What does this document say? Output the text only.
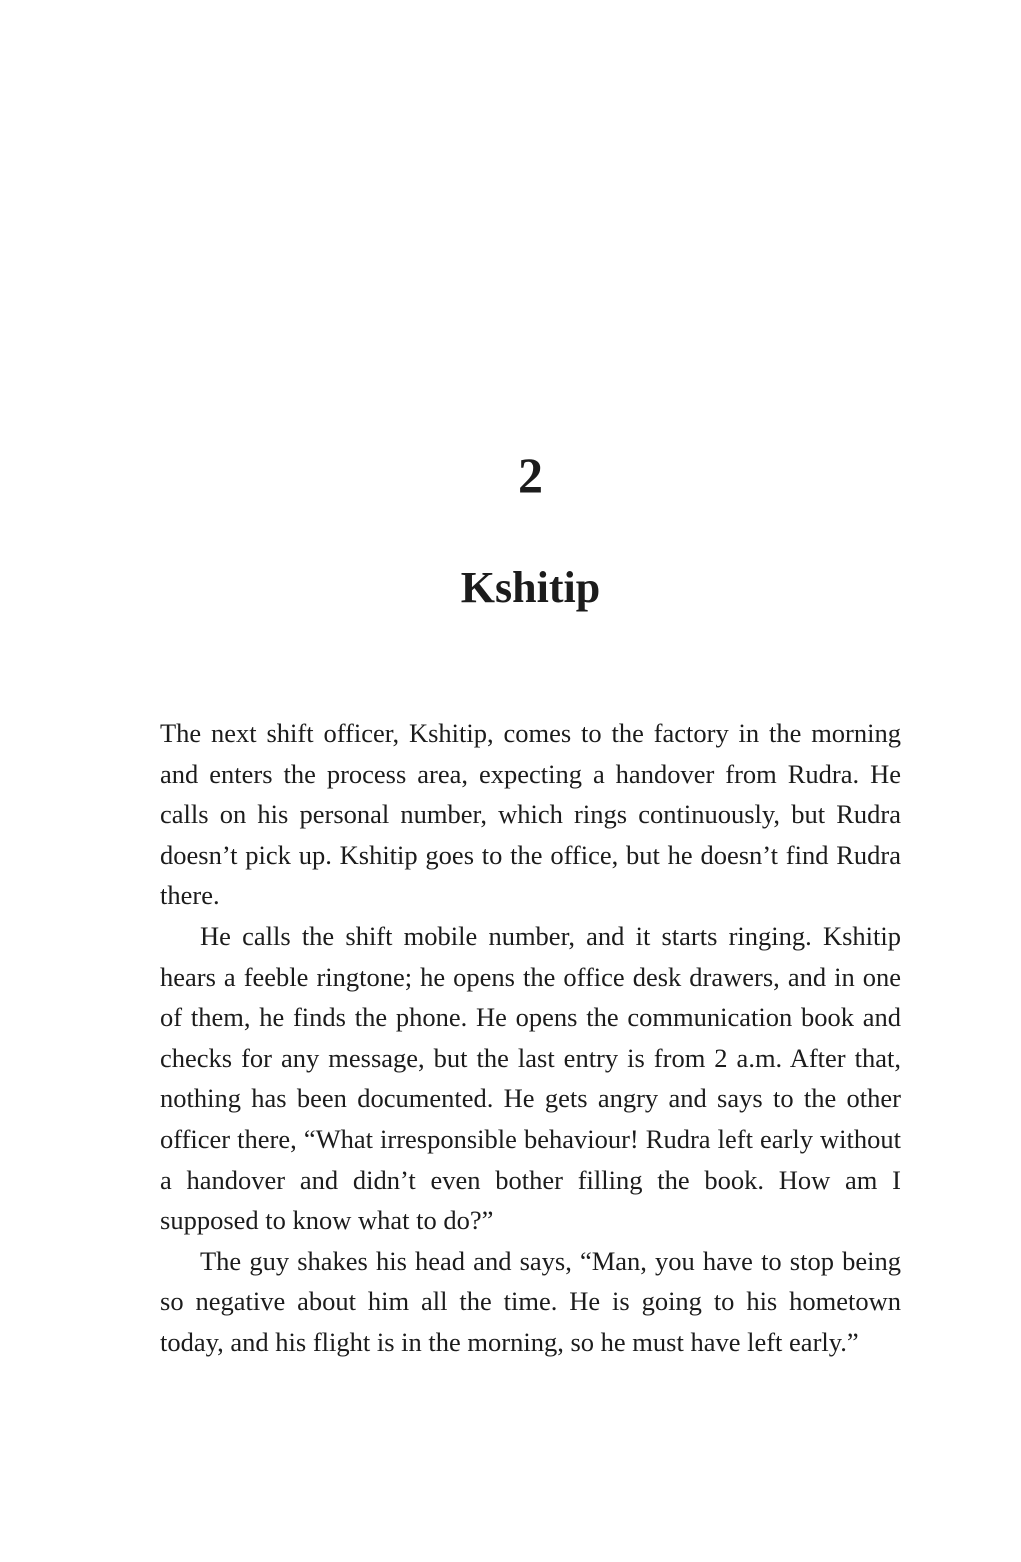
2
Kshitip

The next shift officer, Kshitip, comes to the factory in the morning and enters the process area, expecting a handover from Rudra. He calls on his personal number, which rings continuously, but Rudra doesn’t pick up. Kshitip goes to the office, but he doesn’t find Rudra there.

He calls the shift mobile number, and it starts ringing. Kshitip hears a feeble ringtone; he opens the office desk drawers, and in one of them, he finds the phone. He opens the communication book and checks for any message, but the last entry is from 2 a.m. After that, nothing has been documented. He gets angry and says to the other officer there, “What irresponsible behaviour! Rudra left early without a handover and didn’t even bother filling the book. How am I supposed to know what to do?”

The guy shakes his head and says, “Man, you have to stop being so negative about him all the time. He is going to his hometown today, and his flight is in the morning, so he must have left early.”
